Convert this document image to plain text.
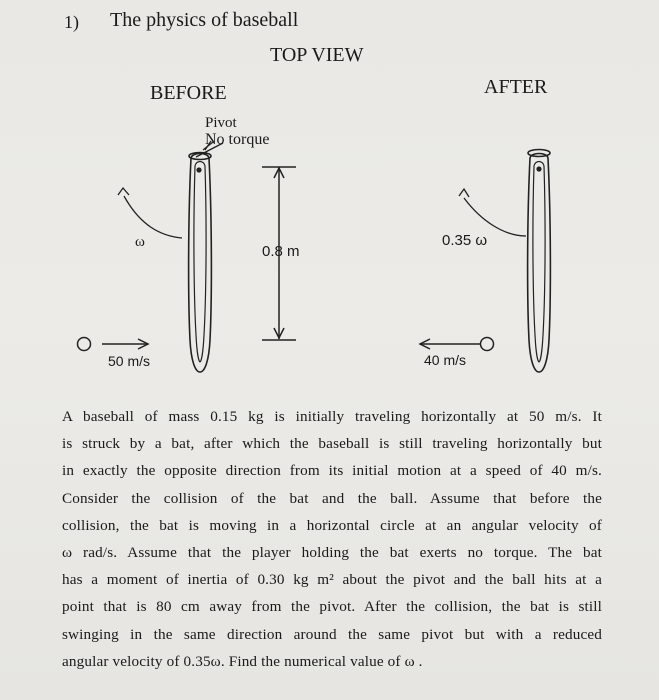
1) The physics of baseball
TOP VIEW
BEFORE	AFTER
Pivot
No torque
ω
0.8 m
0.35 ω
50 m/s	40 m/s
A baseball of mass 0.15 kg is initially traveling horizontally at 50 m/s. It
is struck by a bat, after which the baseball is still traveling horizontally but
in exactly the opposite direction from its initial motion at a speed of 40 m/s.
Consider the collision of the bat and the ball. Assume that before the
collision, the bat is moving in a horizontal circle at an angular velocity of
ω rad/s. Assume that the player holding the bat exerts no torque. The bat
has a moment of inertia of 0.30 kg m² about the pivot and the ball hits at a
point that is 80 cm away from the pivot. After the collision, the bat is still
swinging in the same direction around the same pivot but with a reduced
angular velocity of 0.35ω. Find the numerical value of ω .
